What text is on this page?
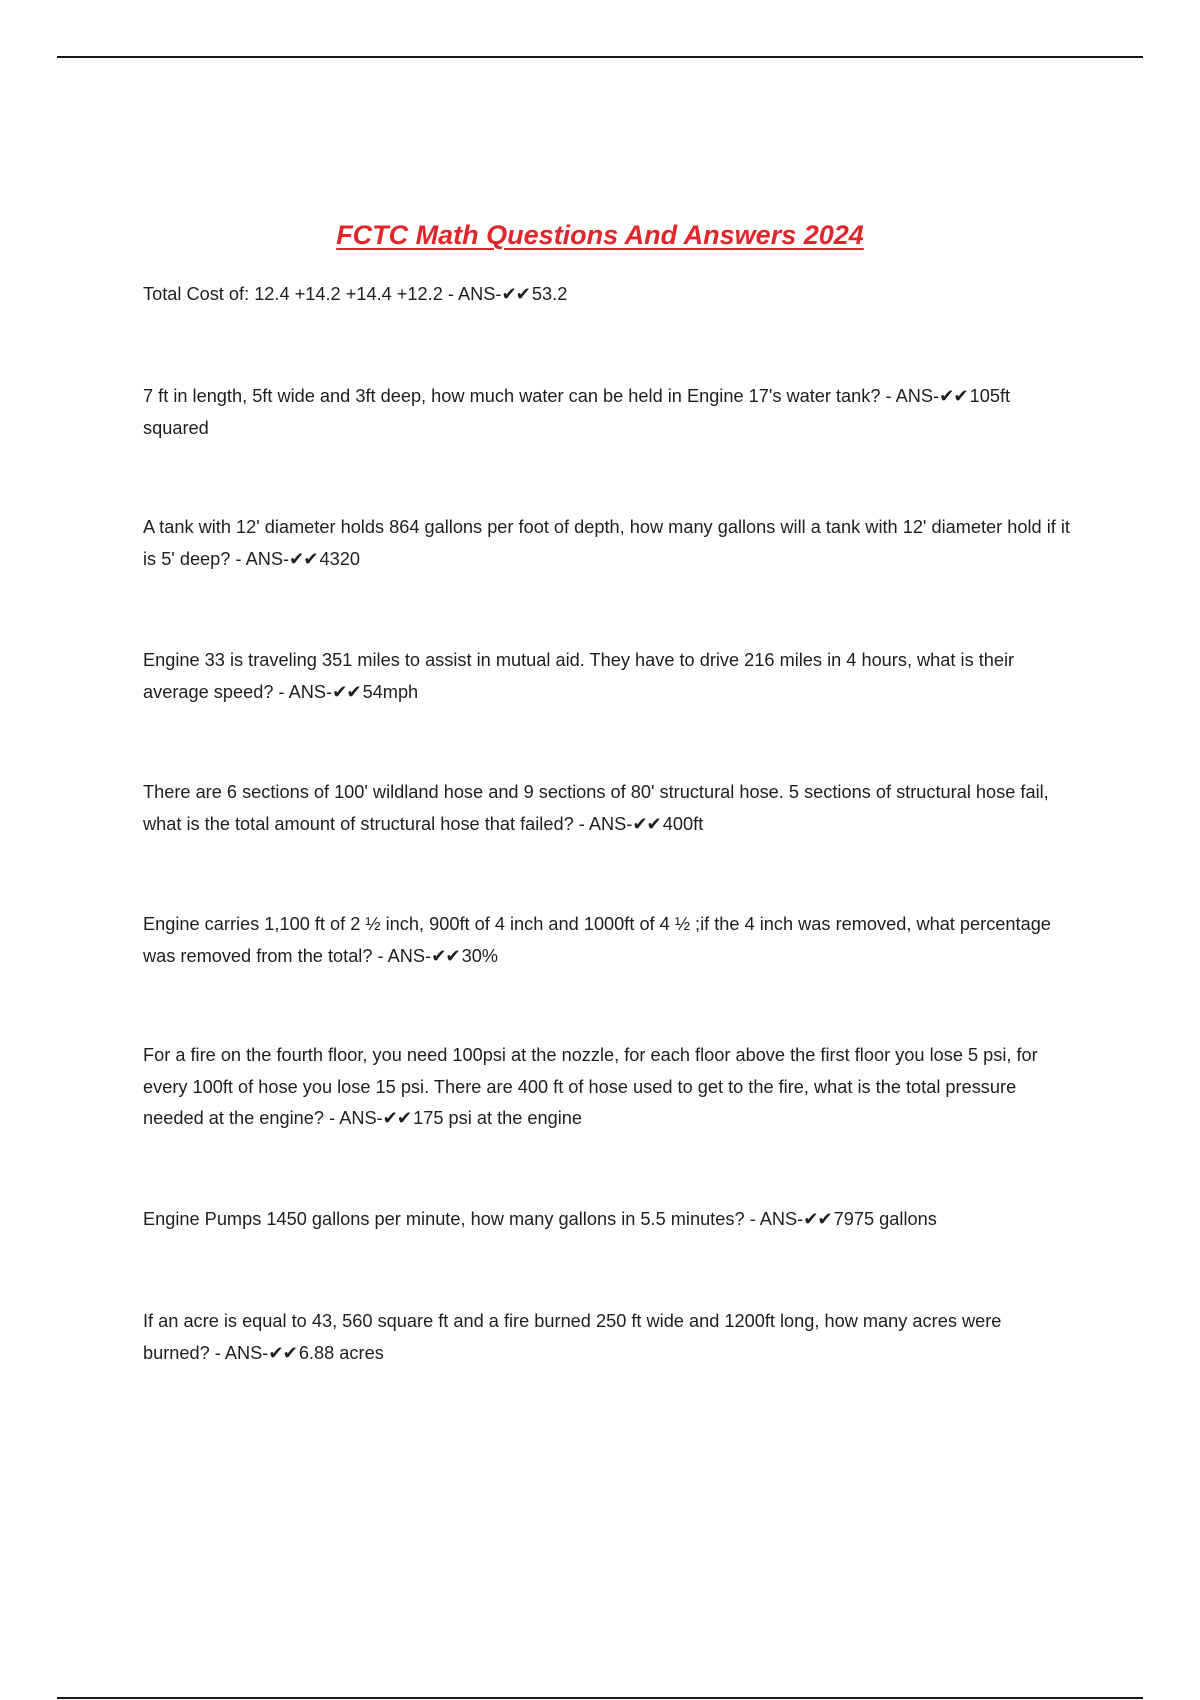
FCTC Math Questions And Answers 2024

Total Cost of: 12.4 +14.2 +14.4 +12.2 - ANS-✔✔ 53.2

7 ft in length, 5ft wide and 3ft deep, how much water can be held in Engine 17's water tank? - ANS-✔✔ 105ft squared

A tank with 12' diameter holds 864 gallons per foot of depth, how many gallons will a tank with 12' diameter hold if it is 5' deep? - ANS-✔✔ 4320

Engine 33 is traveling 351 miles to assist in mutual aid. They have to drive 216 miles in 4 hours, what is their average speed? - ANS-✔✔ 54mph

There are 6 sections of 100' wildland hose and 9 sections of 80' structural hose. 5 sections of structural hose fail, what is the total amount of structural hose that failed? - ANS-✔✔ 400ft

Engine carries 1,100 ft of 2 ½ inch, 900ft of 4 inch and 1000ft of 4 ½ ;if the 4 inch was removed, what percentage was removed from the total? - ANS-✔✔ 30%

For a fire on the fourth floor, you need 100psi at the nozzle, for each floor above the first floor you lose 5 psi, for every 100ft of hose you lose 15 psi. There are 400 ft of hose used to get to the fire, what is the total pressure needed at the engine? - ANS-✔✔ 175 psi at the engine

Engine Pumps 1450 gallons per minute, how many gallons in 5.5 minutes? - ANS-✔✔ 7975 gallons

If an acre is equal to 43, 560 square ft and a fire burned 250 ft wide and 1200ft long, how many acres were burned? - ANS-✔✔ 6.88 acres
